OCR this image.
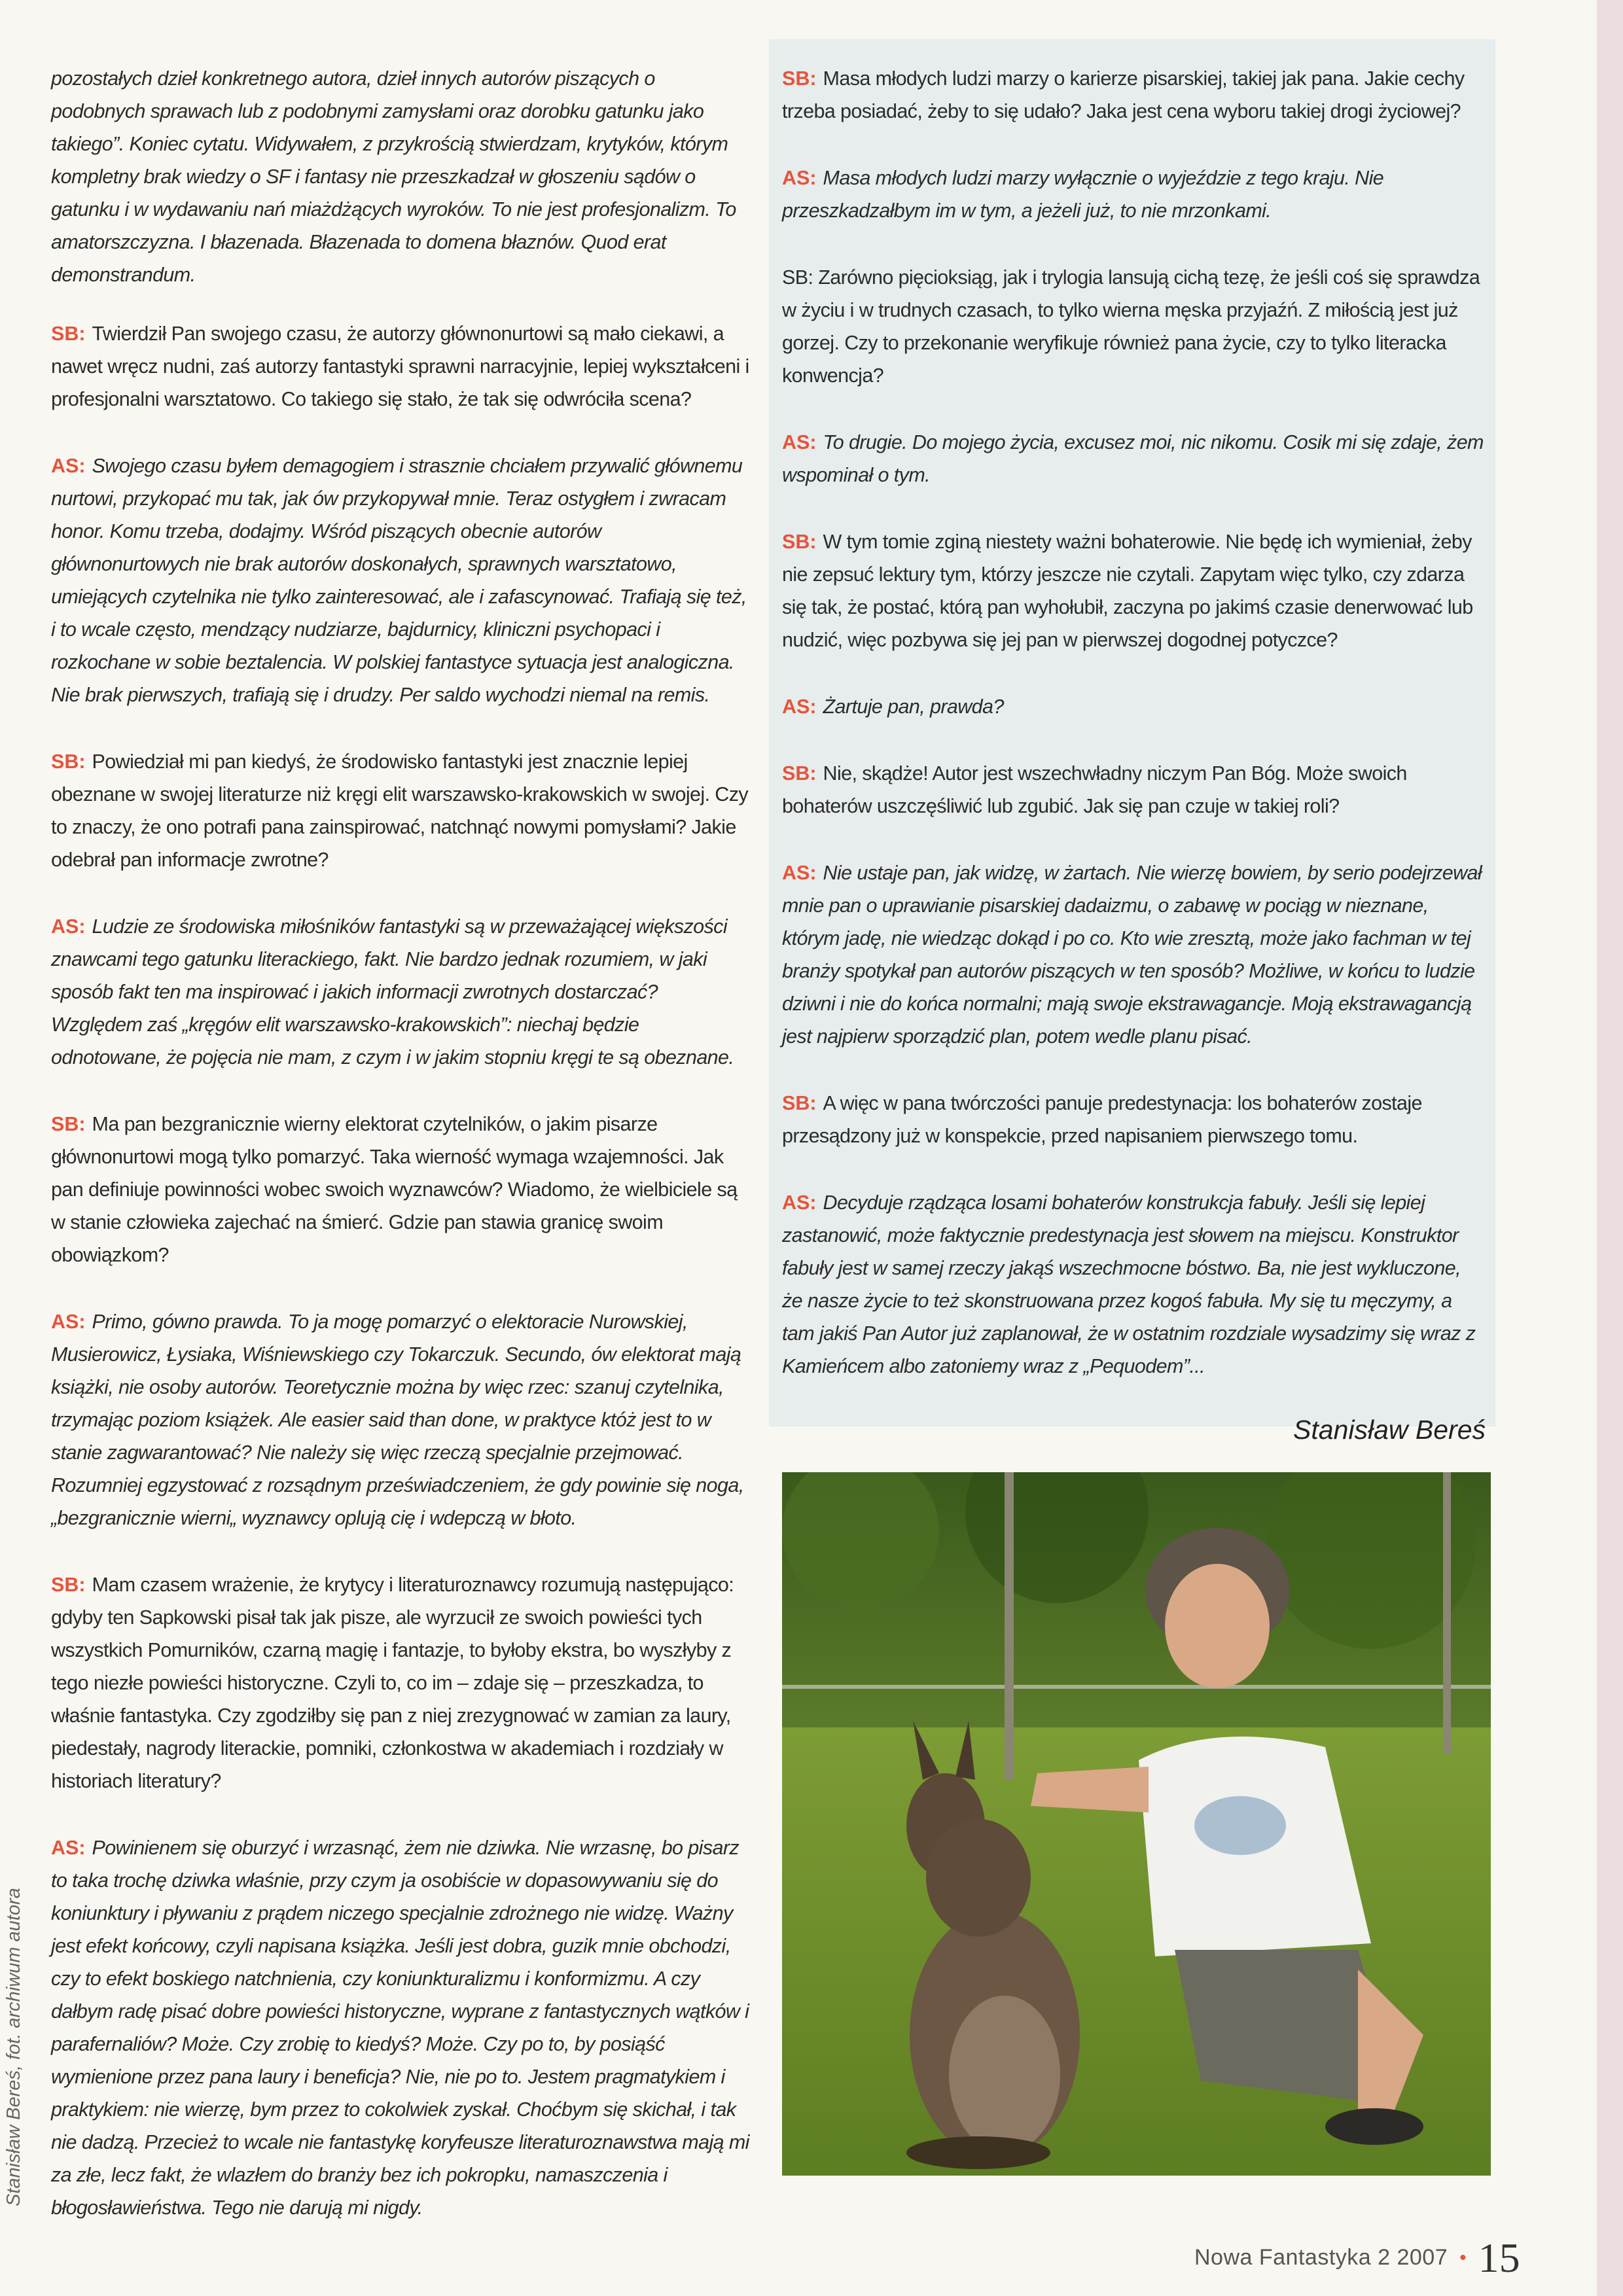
pozostałych dzieł konkretnego autora, dzieł innych autorów piszących o podobnych sprawach lub z podobnymi zamysłami oraz dorobku gatunku jako takiego”. Koniec cytatu. Widywałem, z przykrością stwierdzam, krytyków, którym kompletny brak wiedzy o SF i fantasy nie przeszkadzał w głoszeniu sądów o gatunku i w wydawaniu nań miażdżących wyroków. To nie jest profesjonalizm. To amatorszczyzna. I błazenada. Błazenada to domena błaznów. Quod erat demonstrandum.

SB: Twierdził Pan swojego czasu, że autorzy głównonurtowi są mało ciekawi, a nawet wręcz nudni, zaś autorzy fantastyki sprawni narracyjnie, lepiej wykształceni i profesjonalni warsztatowo. Co takiego się stało, że tak się odwróciła scena?

AS: Swojego czasu byłem demagogiem i strasznie chciałem przywalić głównemu nurtowi, przykopać mu tak, jak ów przykopywał mnie. Teraz ostygłem i zwracam honor. Komu trzeba, dodajmy. Wśród piszących obecnie autorów głównonurtowych nie brak autorów doskonałych, sprawnych warsztatowo, umiejących czytelnika nie tylko zainteresować, ale i zafascynować. Trafiają się też, i to wcale często, mendzący nudziarze, bajdurnicy, kliniczni psychopaci i rozkochane w sobie beztalencia. W polskiej fantastyce sytuacja jest analogiczna. Nie brak pierwszych, trafiają się i drudzy. Per saldo wychodzi niemal na remis.

SB: Powiedział mi pan kiedyś, że środowisko fantastyki jest znacznie lepiej obeznane w swojej literaturze niż kręgi elit warszawsko-krakowskich w swojej. Czy to znaczy, że ono potrafi pana zainspirować, natchnąć nowymi pomysłami? Jakie odebrał pan informacje zwrotne?

AS: Ludzie ze środowiska miłośników fantastyki są w przeważającej większości znawcami tego gatunku literackiego, fakt. Nie bardzo jednak rozumiem, w jaki sposób fakt ten ma inspirować i jakich informacji zwrotnych dostarczać? Względem zaś „kręgów elit warszawsko-krakowskich”: niechaj będzie odnotowane, że pojęcia nie mam, z czym i w jakim stopniu kręgi te są obeznane.

SB: Ma pan bezgranicznie wierny elektorat czytelników, o jakim pisarze głównonurtowi mogą tylko pomarzyć. Taka wierność wymaga wzajemności. Jak pan definiuje powinności wobec swoich wyznawców? Wiadomo, że wielbiciele są w stanie człowieka zajechać na śmierć. Gdzie pan stawia granicę swoim obowiązkom?

AS: Primo, gówno prawda. To ja mogę pomarzyć o elektoracie Nurowskiej, Musierowicz, Łysiaka, Wiśniewskiego czy Tokarczuk. Secundo, ów elektorat mają książki, nie osoby autorów. Teoretycznie można by więc rzec: szanuj czytelnika, trzymając poziom książek. Ale easier said than done, w praktyce któż jest to w stanie zagwarantować? Nie należy się więc rzeczą specjalnie przejmować. Rozumniej egzystować z rozsądnym przeświadczeniem, że gdy powinie się noga, „bezgranicznie wierni„ wyznawcy oplują cię i wdepczą w błoto.

SB: Mam czasem wrażenie, że krytycy i literaturoznawcy rozumują następująco: gdyby ten Sapkowski pisał tak jak pisze, ale wyrzucił ze swoich powieści tych wszystkich Pomurników, czarną magię i fantazje, to byłoby ekstra, bo wyszłyby z tego niezłe powieści historyczne. Czyli to, co im – zdaje się – przeszkadza, to właśnie fantastyka. Czy zgodziłby się pan z niej zrezygnować w zamian za laury, piedestały, nagrody literackie, pomniki, członkostwa w akademiach i rozdziały w historiach literatury?

AS: Powinienem się oburzyć i wrzasnąć, żem nie dziwka. Nie wrzasnę, bo pisarz to taka trochę dziwka właśnie, przy czym ja osobiście w dopasowywaniu się do koniunktury i pływaniu z prądem niczego specjalnie zdrożnego nie widzę. Ważny jest efekt końcowy, czyli napisana książka. Jeśli jest dobra, guzik mnie obchodzi, czy to efekt boskiego natchnienia, czy koniunkturalizmu i konformizmu. A czy dałbym radę pisać dobre powieści historyczne, wyprane z fantastycznych wątków i parafernaliów? Może. Czy zrobię to kiedyś? Może. Czy po to, by posiąść wymienione przez pana laury i beneficja? Nie, nie po to. Jestem pragmatykiem i praktykiem: nie wierzę, bym przez to cokolwiek zyskał. Choćbym się skichał, i tak nie dadzą. Przecież to wcale nie fantastykę koryfeusze literaturoznawstwa mają mi za złe, lecz fakt, że wlazłem do branży bez ich pokropku, namaszczenia i błogosławieństwa. Tego nie darują mi nigdy.

SB: Masa młodych ludzi marzy o karierze pisarskiej, takiej jak pana. Jakie cechy trzeba posiadać, żeby to się udało? Jaka jest cena wyboru takiej drogi życiowej?

AS: Masa młodych ludzi marzy wyłącznie o wyjeździe z tego kraju. Nie przeszkadzałbym im w tym, a jeżeli już, to nie mrzonkami.

SB: Zarówno pięcioksiąg, jak i trylogia lansują cichą tezę, że jeśli coś się sprawdza w życiu i w trudnych czasach, to tylko wierna męska przyjaźń. Z miłością jest już gorzej. Czy to przekonanie weryfikuje również pana życie, czy to tylko literacka konwencja?

AS: To drugie. Do mojego życia, excusez moi, nic nikomu. Cosik mi się zdaje, żem wspominał o tym.

SB: W tym tomie zginą niestety ważni bohaterowie. Nie będę ich wymieniał, żeby nie zepsuć lektury tym, którzy jeszcze nie czytali. Zapytam więc tylko, czy zdarza się tak, że postać, którą pan wyhołubił, zaczyna po jakimś czasie denerwować lub nudzić, więc pozbywa się jej pan w pierwszej dogodnej potyczce?

AS: Żartuje pan, prawda?

SB: Nie, skądże! Autor jest wszechwładny niczym Pan Bóg. Może swoich bohaterów uszczęśliwić lub zgubić. Jak się pan czuje w takiej roli?

AS: Nie ustaje pan, jak widzę, w żartach. Nie wierzę bowiem, by serio podejrzewał mnie pan o uprawianie pisarskiej dadaizmu, o zabawę w pociąg w nieznane, którym jadę, nie wiedząc dokąd i po co. Kto wie zresztą, może jako fachman w tej branży spotykał pan autorów piszących w ten sposób? Możliwe, w końcu to ludzie dziwni i nie do końca normalni; mają swoje ekstrawagancje. Moją ekstrawagancją jest najpierw sporządzić plan, potem wedle planu pisać.

SB: A więc w pana twórczości panuje predestynacja: los bohaterów zostaje przesądzony już w konspekcie, przed napisaniem pierwszego tomu.

AS: Decyduje rządząca losami bohaterów konstrukcja fabuły. Jeśli się lepiej zastanowić, może faktycznie predestynacja jest słowem na miejscu. Konstruktor fabuły jest w samej rzeczy jakąś wszechmocne bóstwo. Ba, nie jest wykluczone, że nasze życie to też skonstruowana przez kogoś fabuła. My się tu męczymy, a tam jakiś Pan Autor już zaplanował, że w ostatnim rozdziale wysadzimy się wraz z Kamieńcem albo zatoniemy wraz z „Pequodem”...

Stanisław Bereś
Stanisław Bereś, fot. archiwum autora
Nowa Fantastyka 2 2007 • 15
